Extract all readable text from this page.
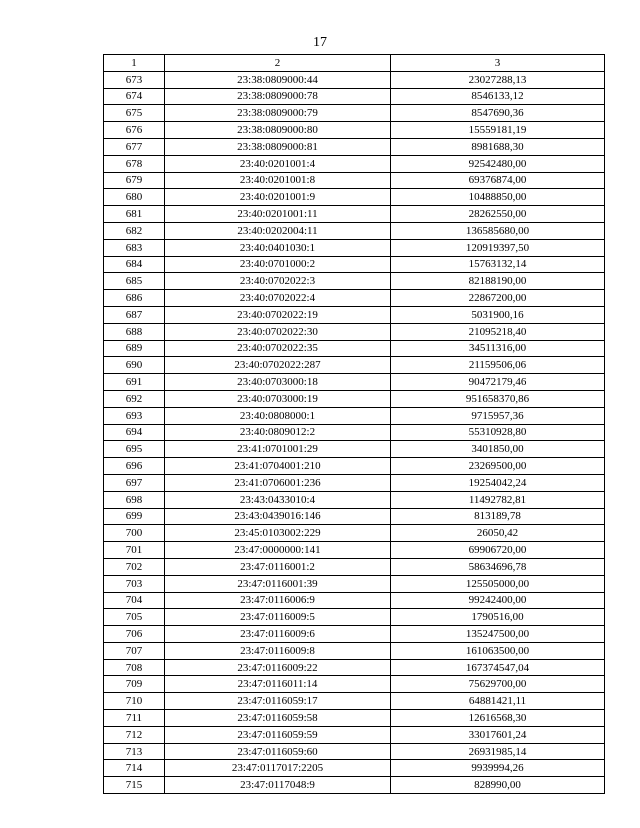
17
1	2	3
673	23:38:0809000:44	23027288,13
674	23:38:0809000:78	8546133,12
675	23:38:0809000:79	8547690,36
676	23:38:0809000:80	15559181,19
677	23:38:0809000:81	8981688,30
678	23:40:0201001:4	92542480,00
679	23:40:0201001:8	69376874,00
680	23:40:0201001:9	10488850,00
681	23:40:0201001:11	28262550,00
682	23:40:0202004:11	136585680,00
683	23:40:0401030:1	120919397,50
684	23:40:0701000:2	15763132,14
685	23:40:0702022:3	82188190,00
686	23:40:0702022:4	22867200,00
687	23:40:0702022:19	5031900,16
688	23:40:0702022:30	21095218,40
689	23:40:0702022:35	34511316,00
690	23:40:0702022:287	21159506,06
691	23:40:0703000:18	90472179,46
692	23:40:0703000:19	951658370,86
693	23:40:0808000:1	9715957,36
694	23:40:0809012:2	55310928,80
695	23:41:0701001:29	3401850,00
696	23:41:0704001:210	23269500,00
697	23:41:0706001:236	19254042,24
698	23:43:0433010:4	11492782,81
699	23:43:0439016:146	813189,78
700	23:45:0103002:229	26050,42
701	23:47:0000000:141	69906720,00
702	23:47:0116001:2	58634696,78
703	23:47:0116001:39	125505000,00
704	23:47:0116006:9	99242400,00
705	23:47:0116009:5	1790516,00
706	23:47:0116009:6	135247500,00
707	23:47:0116009:8	161063500,00
708	23:47:0116009:22	167374547,04
709	23:47:0116011:14	75629700,00
710	23:47:0116059:17	64881421,11
711	23:47:0116059:58	12616568,30
712	23:47:0116059:59	33017601,24
713	23:47:0116059:60	26931985,14
714	23:47:0117017:2205	9939994,26
715	23:47:0117048:9	828990,00
